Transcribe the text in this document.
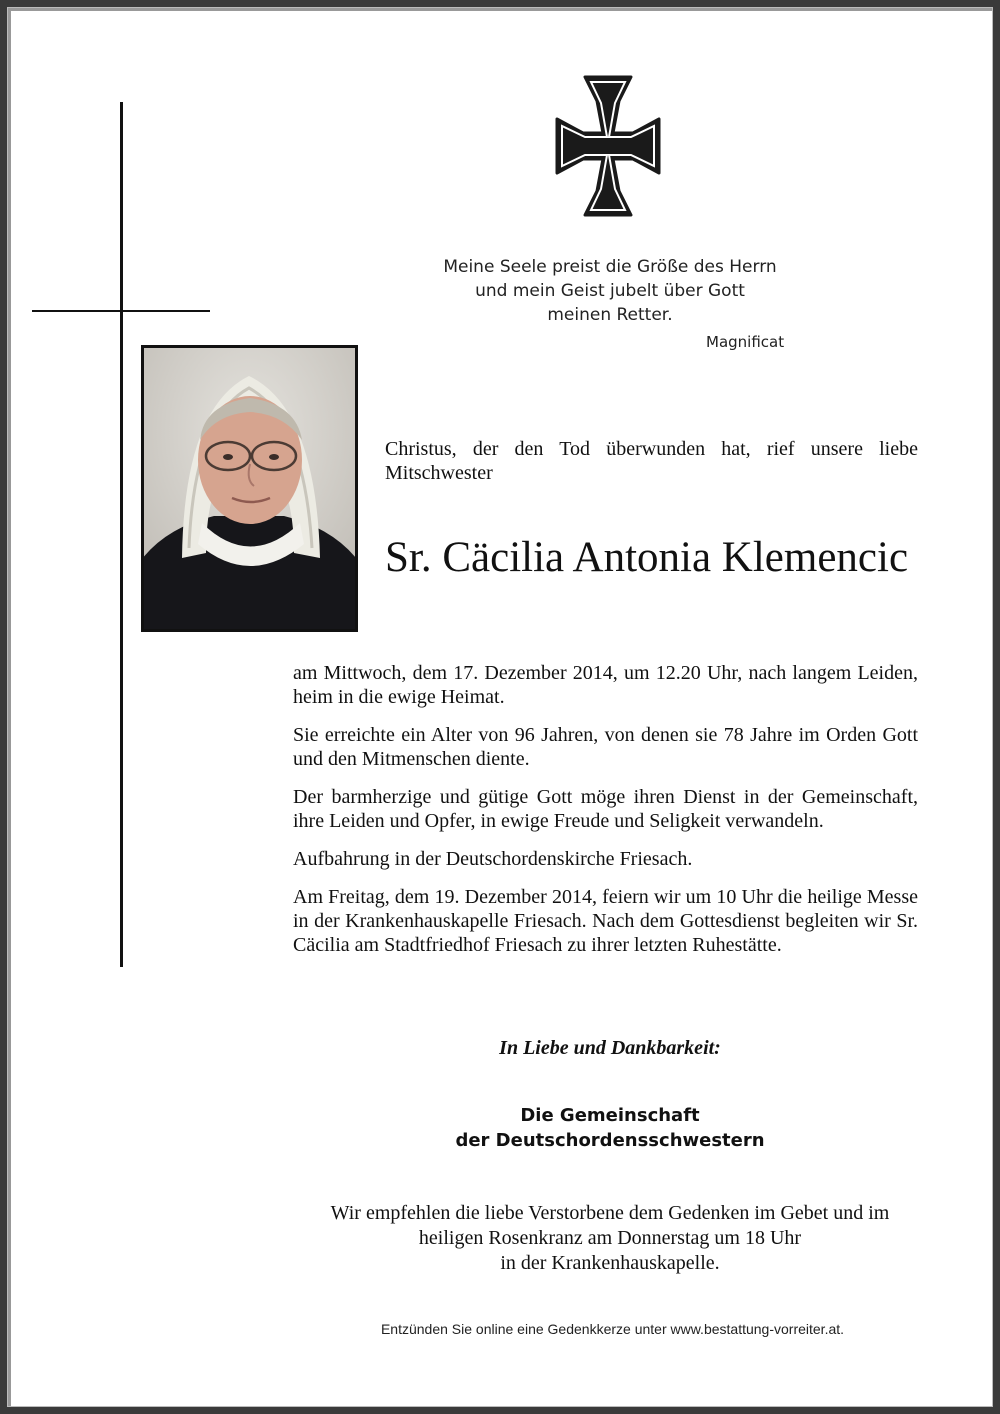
Meine Seele preist die Größe des Herrn
und mein Geist jubelt über Gott
meinen Retter.
Magnificat
Christus, der den Tod überwunden hat, rief unsere liebe Mitschwester
Sr. Cäcilia Antonia Klemencic

am Mittwoch, dem 17. Dezember 2014, um 12.20 Uhr, nach langem Leiden, heim in die ewige Heimat.

Sie erreichte ein Alter von 96 Jahren, von denen sie 78 Jahre im Orden Gott und den Mitmenschen diente.

Der barmherzige und gütige Gott möge ihren Dienst in der Gemeinschaft, ihre Leiden und Opfer, in ewige Freude und Seligkeit verwandeln.

Aufbahrung in der Deutschordenskirche Friesach.

Am Freitag, dem 19. Dezember 2014, feiern wir um 10 Uhr die heilige Messe in der Krankenhauskapelle Friesach. Nach dem Gottesdienst begleiten wir Sr. Cäcilia am Stadtfriedhof Friesach zu ihrer letzten Ruhestätte.

In Liebe und Dankbarkeit:
Die Gemeinschaft
der Deutschordensschwestern
Wir empfehlen die liebe Verstorbene dem Gedenken im Gebet und im
heiligen Rosenkranz am Donnerstag um 18 Uhr
in der Krankenhauskapelle.
Entzünden Sie online eine Gedenkkerze unter www.bestattung-vorreiter.at.
